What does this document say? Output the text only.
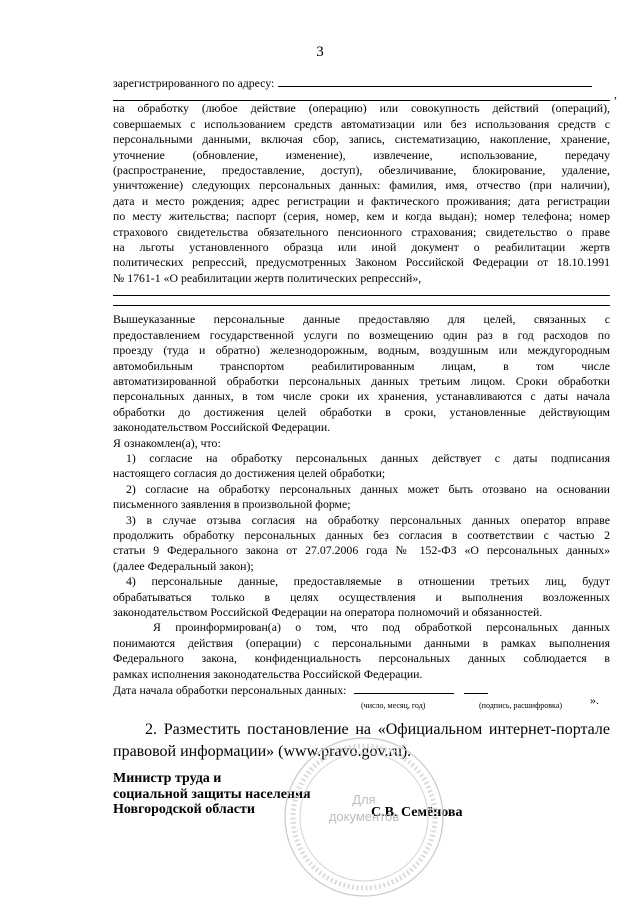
3
зарегистрированного по адресу:
,
на обработку (любое действие (операцию) или совокупность действий (операций),
совершаемых с использованием средств автоматизации или без использования средств с
персональными данными, включая сбор, запись, систематизацию, накопление, хранение,
уточнение (обновление, изменение), извлечение, использование, передачу
(распространение, предоставление, доступ), обезличивание, блокирование, удаление,
уничтожение) следующих персональных данных: фамилия, имя, отчество (при наличии),
дата и место рождения; адрес регистрации и фактического проживания; дата регистрации
по месту жительства; паспорт (серия, номер, кем и когда выдан); номер телефона; номер
страхового свидетельства обязательного пенсионного страхования; свидетельство о праве
на льготы установленного образца или иной документ о реабилитации жертв
политических репрессий, предусмотренных Законом Российской Федерации от 18.10.1991
№ 1761-1 «О реабилитации жертв политических репрессий»,
Вышеуказанные персональные данные предоставляю для целей, связанных с
предоставлением государственной услуги по возмещению один раз в год расходов по
проезду (туда и обратно) железнодорожным, водным, воздушным или междугородным
автомобильным транспортом реабилитированным лицам, в том числе
автоматизированной обработки персональных данных третьим лицом. Сроки обработки
персональных данных, в том числе сроки их хранения, устанавливаются с даты начала
обработки до достижения целей обработки в сроки, установленные действующим
законодательством Российской Федерации.
Я ознакомлен(а), что:
1) согласие на обработку персональных данных действует с даты подписания
настоящего согласия до достижения целей обработки;
2) согласие на обработку персональных данных может быть отозвано на основании
письменного заявления в произвольной форме;
3) в случае отзыва согласия на обработку персональных данных оператор вправе
продолжить обработку персональных данных без согласия в соответствии с частью 2
статьи 9 Федерального закона от 27.07.2006 года № 152-ФЗ «О персональных данных»
(далее Федеральный закон);
4) персональные данные, предоставляемые в отношении третьих лиц, будут
обрабатываться только в целях осуществления и выполнения возложенных
законодательством Российской Федерации на оператора полномочий и обязанностей.
Я проинформирован(а) о том, что под обработкой персональных данных
понимаются действия (операции) с персональными данными в рамках выполнения
Федерального закона, конфиденциальность персональных данных соблюдается в
рамках исполнения законодательства Российской Федерации.
Дата начала обработки персональных данных:
(число, месяц, год)	(подпись, расшифровка) ».
2. Разместить постановление на «Официальном интернет-портале правовой информации» (www.pravo.gov.ru).
Министр труда и
социальной защиты населения
Новгородской области	С.В. Семёнова
Для
документов
